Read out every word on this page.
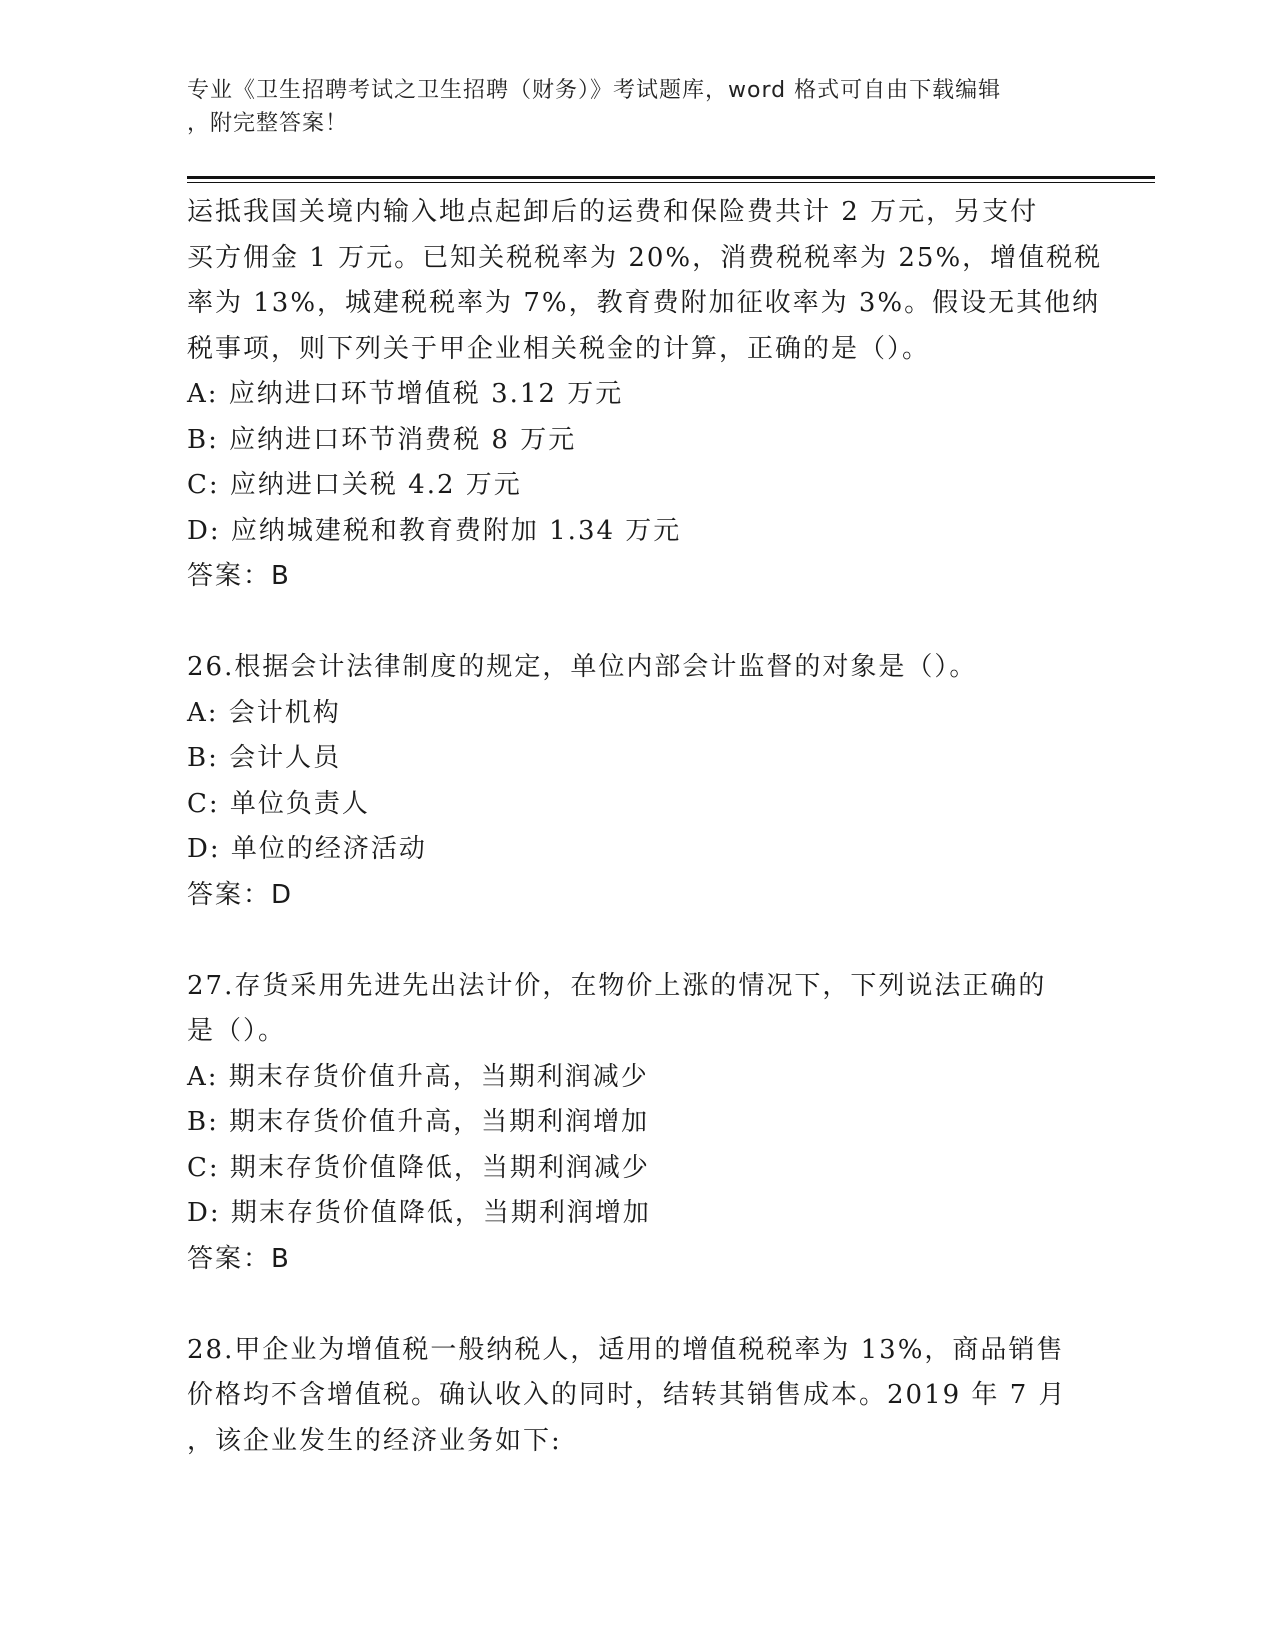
专业《卫生招聘考试之卫生招聘（财务）》考试题库，word 格式可自由下载编辑
，附完整答案！
运抵我国关境内输入地点起卸后的运费和保险费共计 2 万元，另支付
买方佣金 1 万元。已知关税税率为 20%，消费税税率为 25%，增值税税
率为 13%，城建税税率为 7%，教育费附加征收率为 3%。假设无其他纳
税事项，则下列关于甲企业相关税金的计算，正确的是（）。
A: 应纳进口环节增值税 3.12 万元
B: 应纳进口环节消费税 8 万元
C: 应纳进口关税 4.2 万元
D: 应纳城建税和教育费附加 1.34 万元
答案：B
26.根据会计法律制度的规定，单位内部会计监督的对象是（）。
A: 会计机构
B: 会计人员
C: 单位负责人
D: 单位的经济活动
答案：D
27.存货采用先进先出法计价，在物价上涨的情况下，下列说法正确的
是（）。
A: 期末存货价值升高，当期利润减少
B: 期末存货价值升高，当期利润增加
C: 期末存货价值降低，当期利润减少
D: 期末存货价值降低，当期利润增加
答案：B
28.甲企业为增值税一般纳税人，适用的增值税税率为 13%，商品销售
价格均不含增值税。确认收入的同时，结转其销售成本。2019 年 7 月
，该企业发生的经济业务如下:
